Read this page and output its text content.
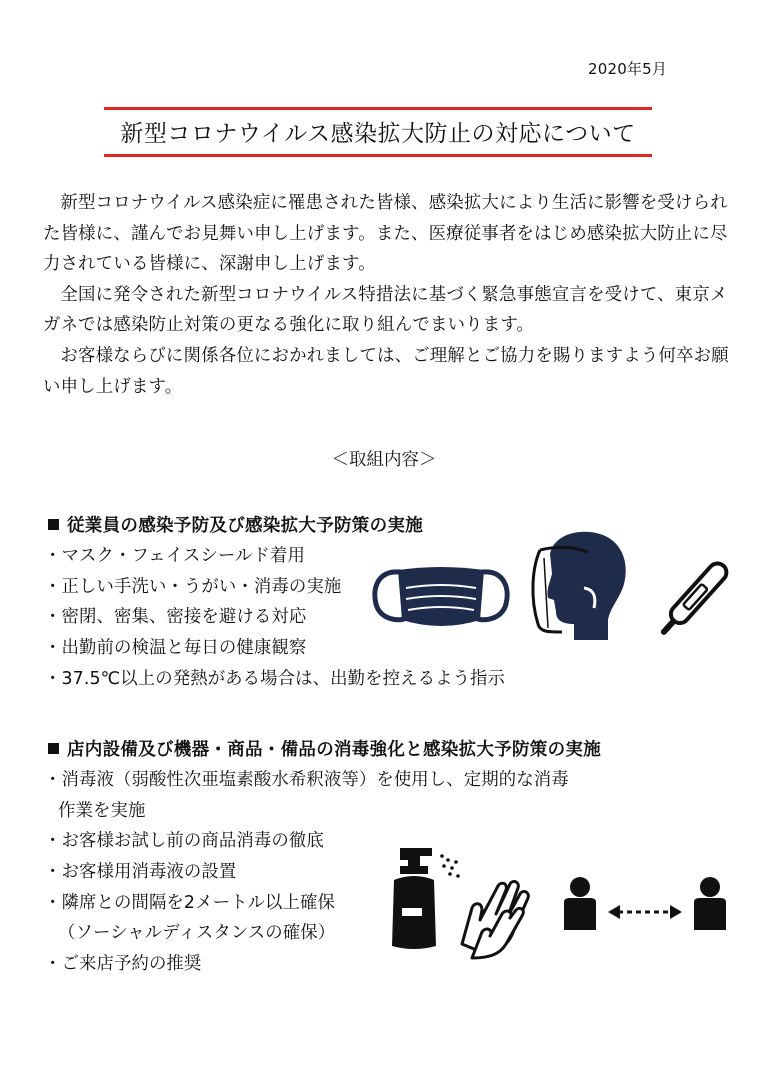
2020年5月
新型コロナウイルス感染拡大防止の対応について

新型コロナウイルス感染症に罹患された皆様、感染拡大により生活に影響を受けられた皆様に、謹んでお見舞い申し上げます。また、医療従事者をはじめ感染拡大防止に尽力されている皆様に、深謝申し上げます。

全国に発令された新型コロナウイルス特措法に基づく緊急事態宣言を受けて、東京メガネでは感染防止対策の更なる強化に取り組んでまいります。

お客様ならびに関係各位におかれましては、ご理解とご協力を賜りますよう何卒お願い申し上げます。

＜取組内容＞
従業員の感染予防及び感染拡大予防策の実施
・マスク・フェイスシールド着用
・正しい手洗い・うがい・消毒の実施
・密閉、密集、密接を避ける対応
・出勤前の検温と毎日の健康観察
・37.5℃以上の発熱がある場合は、出勤を控えるよう指示
店内設備及び機器・商品・備品の消毒強化と感染拡大予防策の実施
・消毒液（弱酸性次亜塩素酸水希釈液等）を使用し、定期的な消毒
作業を実施
・お客様お試し前の商品消毒の徹底
・お客様用消毒液の設置
・隣席との間隔を2メートル以上確保
（ソーシャルディスタンスの確保）
・ご来店予約の推奨
